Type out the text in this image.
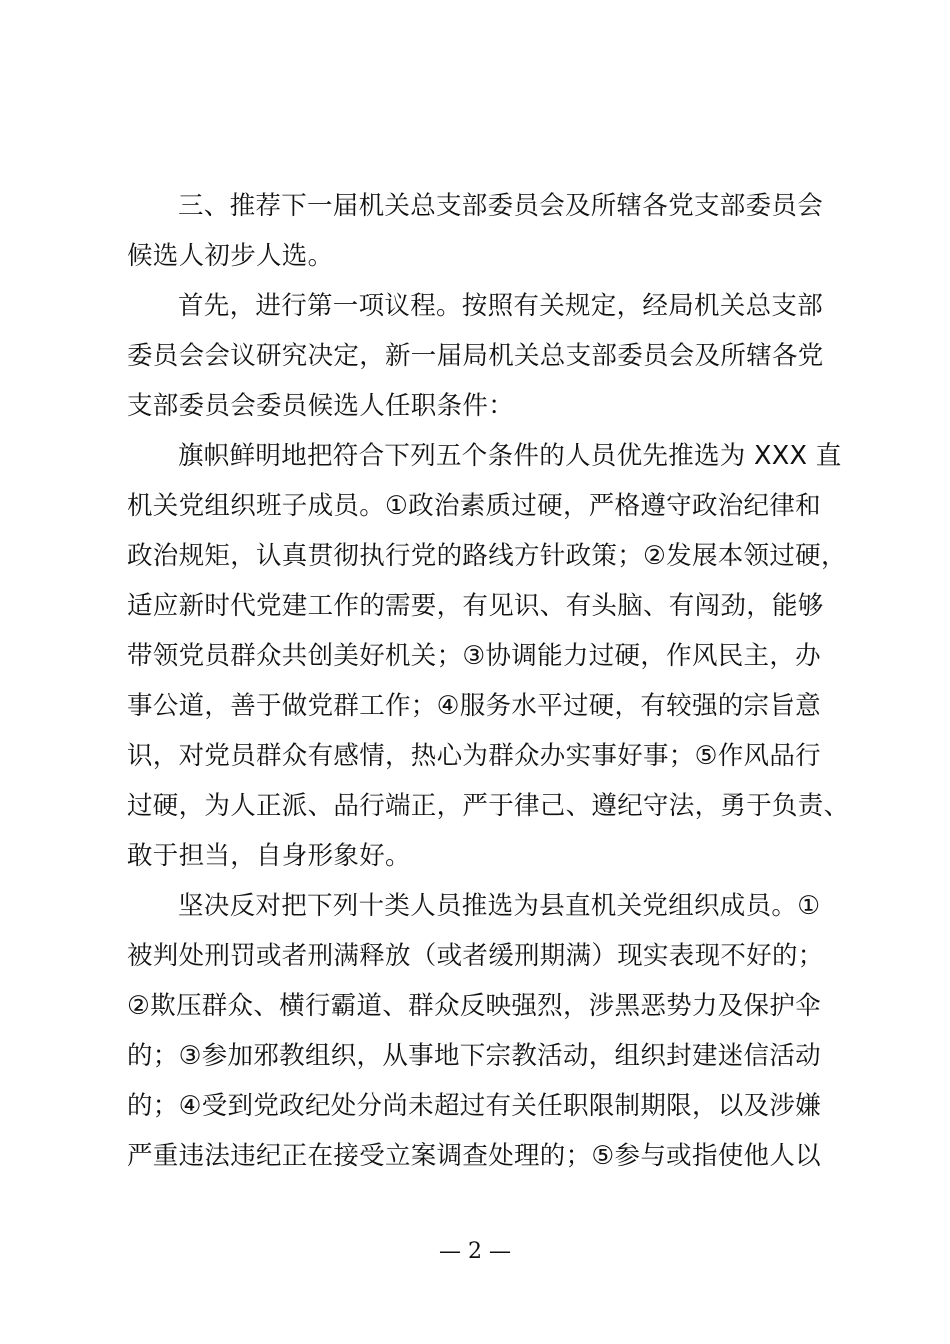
三、推荐下一届机关总支部委员会及所辖各党支部委员会
候选人初步人选。
首先，进行第一项议程。按照有关规定，经局机关总支部
委员会会议研究决定，新一届局机关总支部委员会及所辖各党
支部委员会委员候选人任职条件：
旗帜鲜明地把符合下列五个条件的人员优先推选为 XXX 直
机关党组织班子成员。①政治素质过硬，严格遵守政治纪律和
政治规矩，认真贯彻执行党的路线方针政策；②发展本领过硬，
适应新时代党建工作的需要，有见识、有头脑、有闯劲，能够
带领党员群众共创美好机关；③协调能力过硬，作风民主，办
事公道，善于做党群工作；④服务水平过硬，有较强的宗旨意
识，对党员群众有感情，热心为群众办实事好事；⑤作风品行
过硬，为人正派、品行端正，严于律己、遵纪守法，勇于负责、
敢于担当，自身形象好。
坚决反对把下列十类人员推选为县直机关党组织成员。①
被判处刑罚或者刑满释放（或者缓刑期满）现实表现不好的；
②欺压群众、横行霸道、群众反映强烈，涉黑恶势力及保护伞
的；③参加邪教组织，从事地下宗教活动，组织封建迷信活动
的；④受到党政纪处分尚未超过有关任职限制期限，以及涉嫌
严重违法违纪正在接受立案调查处理的；⑤参与或指使他人以
— 2 —
